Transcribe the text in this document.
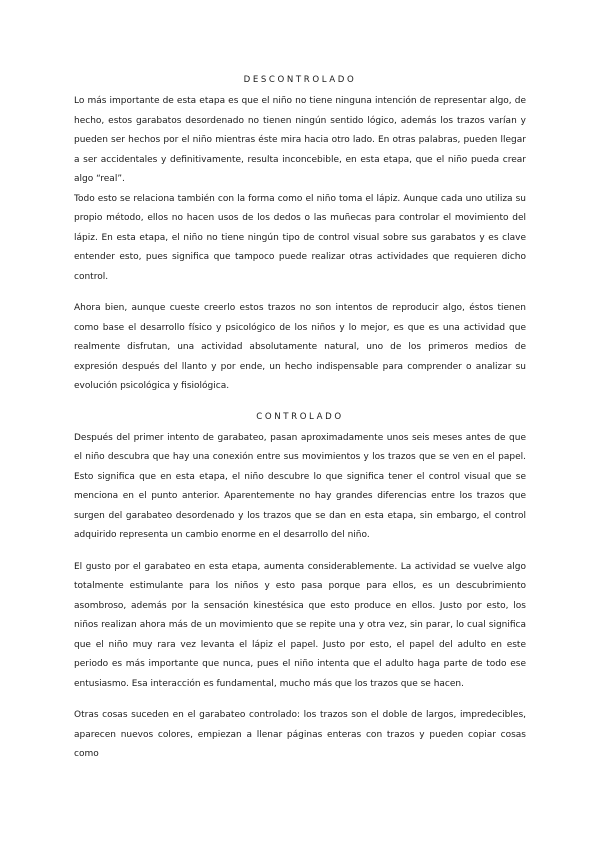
DESCONTROLADO

Lo más importante de esta etapa es que el niño no tiene ninguna intención de representar algo, de hecho, estos garabatos desordenado no tienen ningún sentido lógico, además los trazos varían y pueden ser hechos por el niño mientras éste mira hacia otro lado. En otras palabras, pueden llegar a ser accidentales y definitivamente, resulta inconcebible, en esta etapa, que el niño pueda crear algo “real”.

Todo esto se relaciona también con la forma como el niño toma el lápiz. Aunque cada uno utiliza su propio método, ellos no hacen usos de los dedos o las muñecas para controlar el movimiento del lápiz. En esta etapa, el niño no tiene ningún tipo de control visual sobre sus garabatos y es clave entender esto, pues significa que tampoco puede realizar otras actividades que requieren dicho control.

Ahora bien, aunque cueste creerlo estos trazos no son intentos de reproducir algo, éstos tienen como base el desarrollo físico y psicológico de los niños y lo mejor, es que es una actividad que realmente disfrutan, una actividad absolutamente natural, uno de los primeros medios de expresión después del llanto y por ende, un hecho indispensable para comprender o analizar su evolución psicológica y fisiológica.

CONTROLADO

Después del primer intento de garabateo, pasan aproximadamente unos seis meses antes de que el niño descubra que hay una conexión entre sus movimientos y los trazos que se ven en el papel. Esto significa que en esta etapa, el niño descubre lo que significa tener el control visual que se menciona en el punto anterior. Aparentemente no hay grandes diferencias entre los trazos que surgen del garabateo desordenado y los trazos que se dan en esta etapa, sin embargo, el control adquirido representa un cambio enorme en el desarrollo del niño.

El gusto por el garabateo en esta etapa, aumenta considerablemente. La actividad se vuelve algo totalmente estimulante para los niños y esto pasa porque para ellos, es un descubrimiento asombroso, además por la sensación kinestésica que esto produce en ellos. Justo por esto, los niños realizan ahora más de un movimiento que se repite una y otra vez, sin parar, lo cual significa que el niño muy rara vez levanta el lápiz el papel. Justo por esto, el papel del adulto en este periodo es más importante que nunca, pues el niño intenta que el adulto haga parte de todo ese entusiasmo. Esa interacción es fundamental, mucho más que los trazos que se hacen.

Otras cosas suceden en el garabateo controlado: los trazos son el doble de largos, impredecibles, aparecen nuevos colores, empiezan a llenar páginas enteras con trazos y pueden copiar cosas como
